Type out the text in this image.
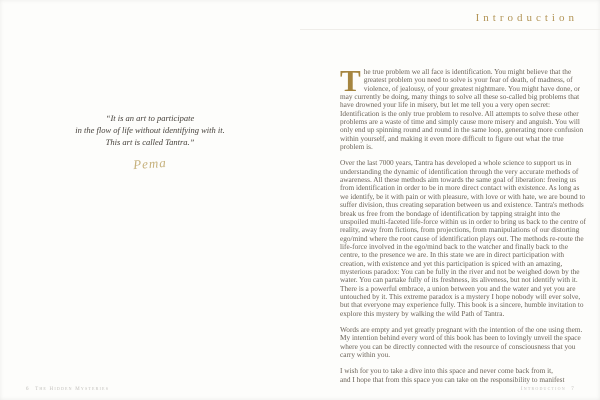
“It is an art to participate
in the flow of life without identifying with it.
This art is called Tantra.”
Pema
6 The Hidden Mysteries
Introduction

The true problem we all face is identification. You might believe that the greatest problem you need to solve is your fear of death, of madness, of violence, of jealousy, of your greatest nightmare. You might have done, or may currently be doing, many things to solve all these so-called big problems that have drowned your life in misery, but let me tell you a very open secret: Identification is the only true problem to resolve. All attempts to solve these other problems are a waste of time and simply cause more misery and anguish. You will only end up spinning round and round in the same loop, generating more confusion within yourself, and making it even more difficult to figure out what the true problem is.

Over the last 7000 years, Tantra has developed a whole science to support us in understanding the dynamic of identification through the very accurate methods of awareness. All these methods aim towards the same goal of liberation: freeing us from identification in order to be in more direct contact with existence. As long as we identify, be it with pain or with pleasure, with love or with hate, we are bound to suffer division, thus creating separation between us and existence. Tantra's methods break us free from the bondage of identification by tapping straight into the unspoiled multi-faceted life-force within us in order to bring us back to the centre of reality, away from fictions, from projections, from manipulations of our distorting ego/mind where the root cause of identification plays out. The methods re-route the life-force involved in the ego/mind back to the watcher and finally back to the centre, to the presence we are. In this state we are in direct participation with creation, with existence and yet this participation is spiced with an amazing, mysterious paradox: You can be fully in the river and not be weighed down by the water. You can partake fully of its freshness, its aliveness, but not identify with it. There is a powerful embrace, a union between you and the water and yet you are untouched by it. This extreme paradox is a mystery I hope nobody will ever solve, but that everyone may experience fully. This book is a sincere, humble invitation to explore this mystery by walking the wild Path of Tantra.

Words are empty and yet greatly pregnant with the intention of the one using them. My intention behind every word of this book has been to lovingly unveil the space where you can be directly connected with the resource of consciousness that you carry within you.

I wish for you to take a dive into this space and never come back from it,

and I hope that from this space you can take on the responsibility to manifest

Introduction 7
